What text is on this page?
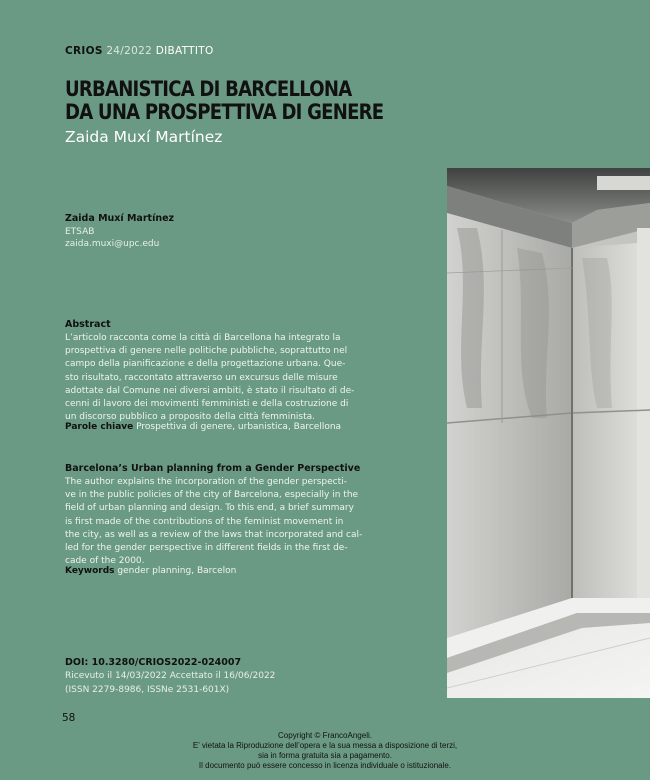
CRIOS 24/2022 DIBATTITO
URBANISTICA DI BARCELLONA
DA UNA PROSPETTIVA DI GENERE
Zaida Muxí Martínez
Zaida Muxí Martínez
ETSAB
zaida.muxi@upc.edu
Abstract
L’articolo racconta come la città di Barcellona ha integrato la
prospettiva di genere nelle politiche pubbliche, soprattutto nel
campo della pianificazione e della progettazione urbana. Que-
sto risultato, raccontato attraverso un excursus delle misure
adottate dal Comune nei diversi ambiti, è stato il risultato di de-
cenni di lavoro dei movimenti femministi e della costruzione di
un discorso pubblico a proposito della città femminista.
Parole chiave Prospettiva di genere, urbanistica, Barcellona
Barcelona’s Urban planning from a Gender Perspective
The author explains the incorporation of the gender perspecti-
ve in the public policies of the city of Barcelona, especially in the
field of urban planning and design. To this end, a brief summary
is first made of the contributions of the feminist movement in
the city, as well as a review of the laws that incorporated and cal-
led for the gender perspective in different fields in the first de-
cade of the 2000.
Keywords gender planning, Barcelon
DOI: 10.3280/CRIOS2022-024007
Ricevuto il 14/03/2022 Accettato il 16/06/2022
(ISSN 2279-8986, ISSNe 2531-601X)
58
Copyright © FrancoAngeli.
E’ vietata la Riproduzione dell’opera e la sua messa a disposizione di terzi,
sia in forma gratuita sia a pagamento.
Il documento può essere concesso in licenza individuale o istituzionale.
